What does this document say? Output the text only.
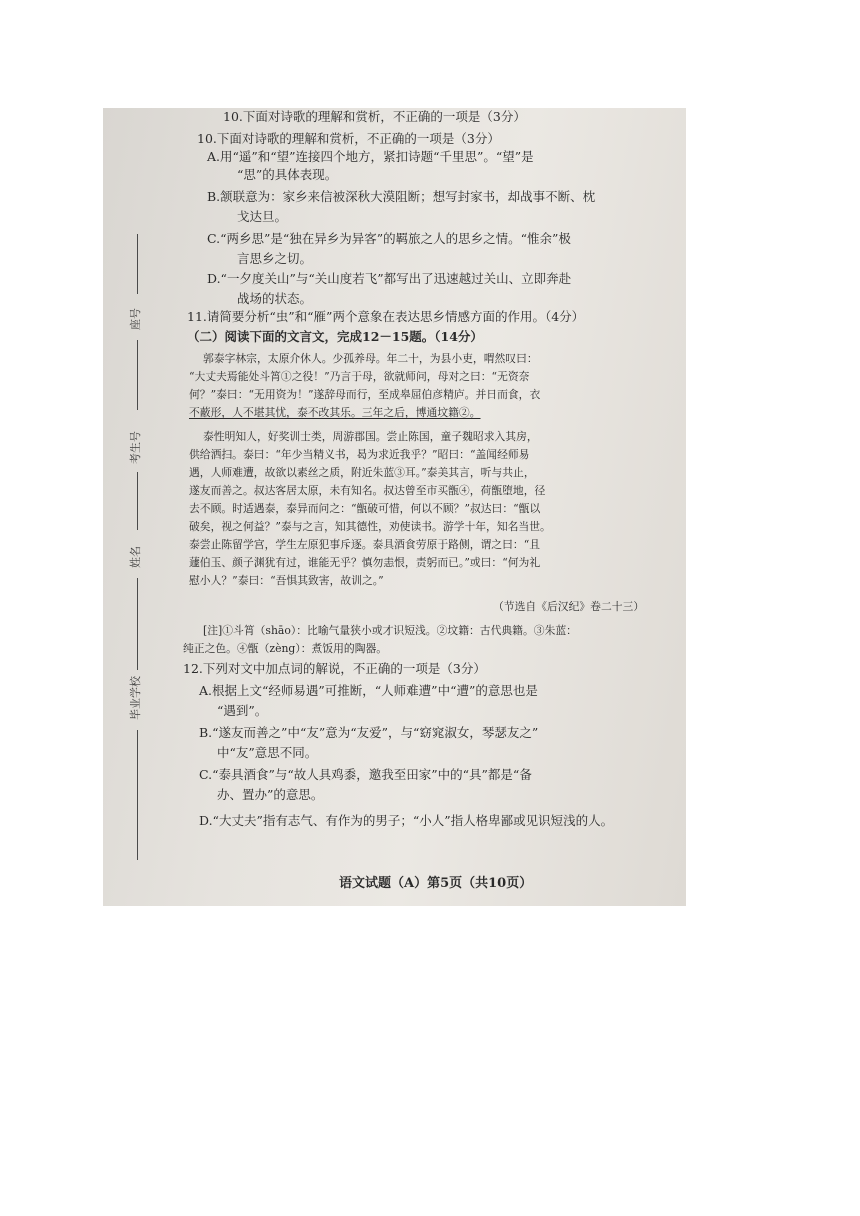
座号
考生号
姓名
毕业学校
10.下面对诗歌的理解和赏析，不正确的一项是（3分）
10.下面对诗歌的理解和赏析，不正确的一项是（3分）
A.用“遥”和“望”连接四个地方，紧扣诗题“千里思”。“望”是
“思”的具体表现。
B.颔联意为：家乡来信被深秋大漠阻断；想写封家书，却战事不断、枕
戈达旦。
C.“两乡思”是“独在异乡为异客”的羁旅之人的思乡之情。“惟余”极
言思乡之切。
D.“一夕度关山”与“关山度若飞”都写出了迅速越过关山、立即奔赴
战场的状态。
11.请简要分析“虫”和“雁”两个意象在表达思乡情感方面的作用。（4分）
（二）阅读下面的文言文，完成12－15题。（14分）
郭泰字林宗，太原介休人。少孤养母。年二十，为县小吏，喟然叹曰：
“大丈夫焉能处斗筲①之役！”乃言于母，欲就师问，母对之曰：“无资奈
何？”泰曰：“无用资为！”遂辞母而行，至成皋屈伯彦精庐。并日而食，衣
不蔽形，人不堪其忧，泰不改其乐。三年之后，博通坟籍②。
泰性明知人，好奖训士类，周游郡国。尝止陈国，童子魏昭求入其房，
供给洒扫。泰曰：“年少当精义书，曷为求近我乎？”昭曰：“盖闻经师易
遇，人师难遭，故欲以素丝之质，附近朱蓝③耳。”泰美其言，听与共止，
遂友而善之。叔达客居太原，未有知名。叔达曾至市买甑④，荷甑堕地，径
去不顾。时适遇泰，泰异而问之：“甑破可惜，何以不顾？”叔达曰：“甑以
破矣，视之何益？”泰与之言，知其德性，劝使读书。游学十年，知名当世。
泰尝止陈留学宫，学生左原犯事斥逐。泰具酒食劳原于路侧，谓之曰：“且
蘧伯玉、颜子渊犹有过，谁能无乎？慎勿恚恨，责躬而已。”或曰：“何为礼
慰小人？”泰曰：“吾惧其致害，故训之。”
（节选自《后汉纪》卷二十三）
[注]①斗筲（shāo）：比喻气量狭小或才识短浅。②坟籍：古代典籍。③朱蓝：
纯正之色。④甑（zèng）：煮饭用的陶器。
12.下列对文中加点词的解说，不正确的一项是（3分）
A.根据上文“经师易遇”可推断，“人师难遭”中“遭”的意思也是
“遇到”。
B.“遂友而善之”中“友”意为“友爱”，与“窈窕淑女，琴瑟友之”
中“友”意思不同。
C.“泰具酒食”与“故人具鸡黍，邀我至田家”中的“具”都是“备
办、置办”的意思。
D.“大丈夫”指有志气、有作为的男子；“小人”指人格卑鄙或见识短浅的人。
语文试题（A）第5页（共10页）
